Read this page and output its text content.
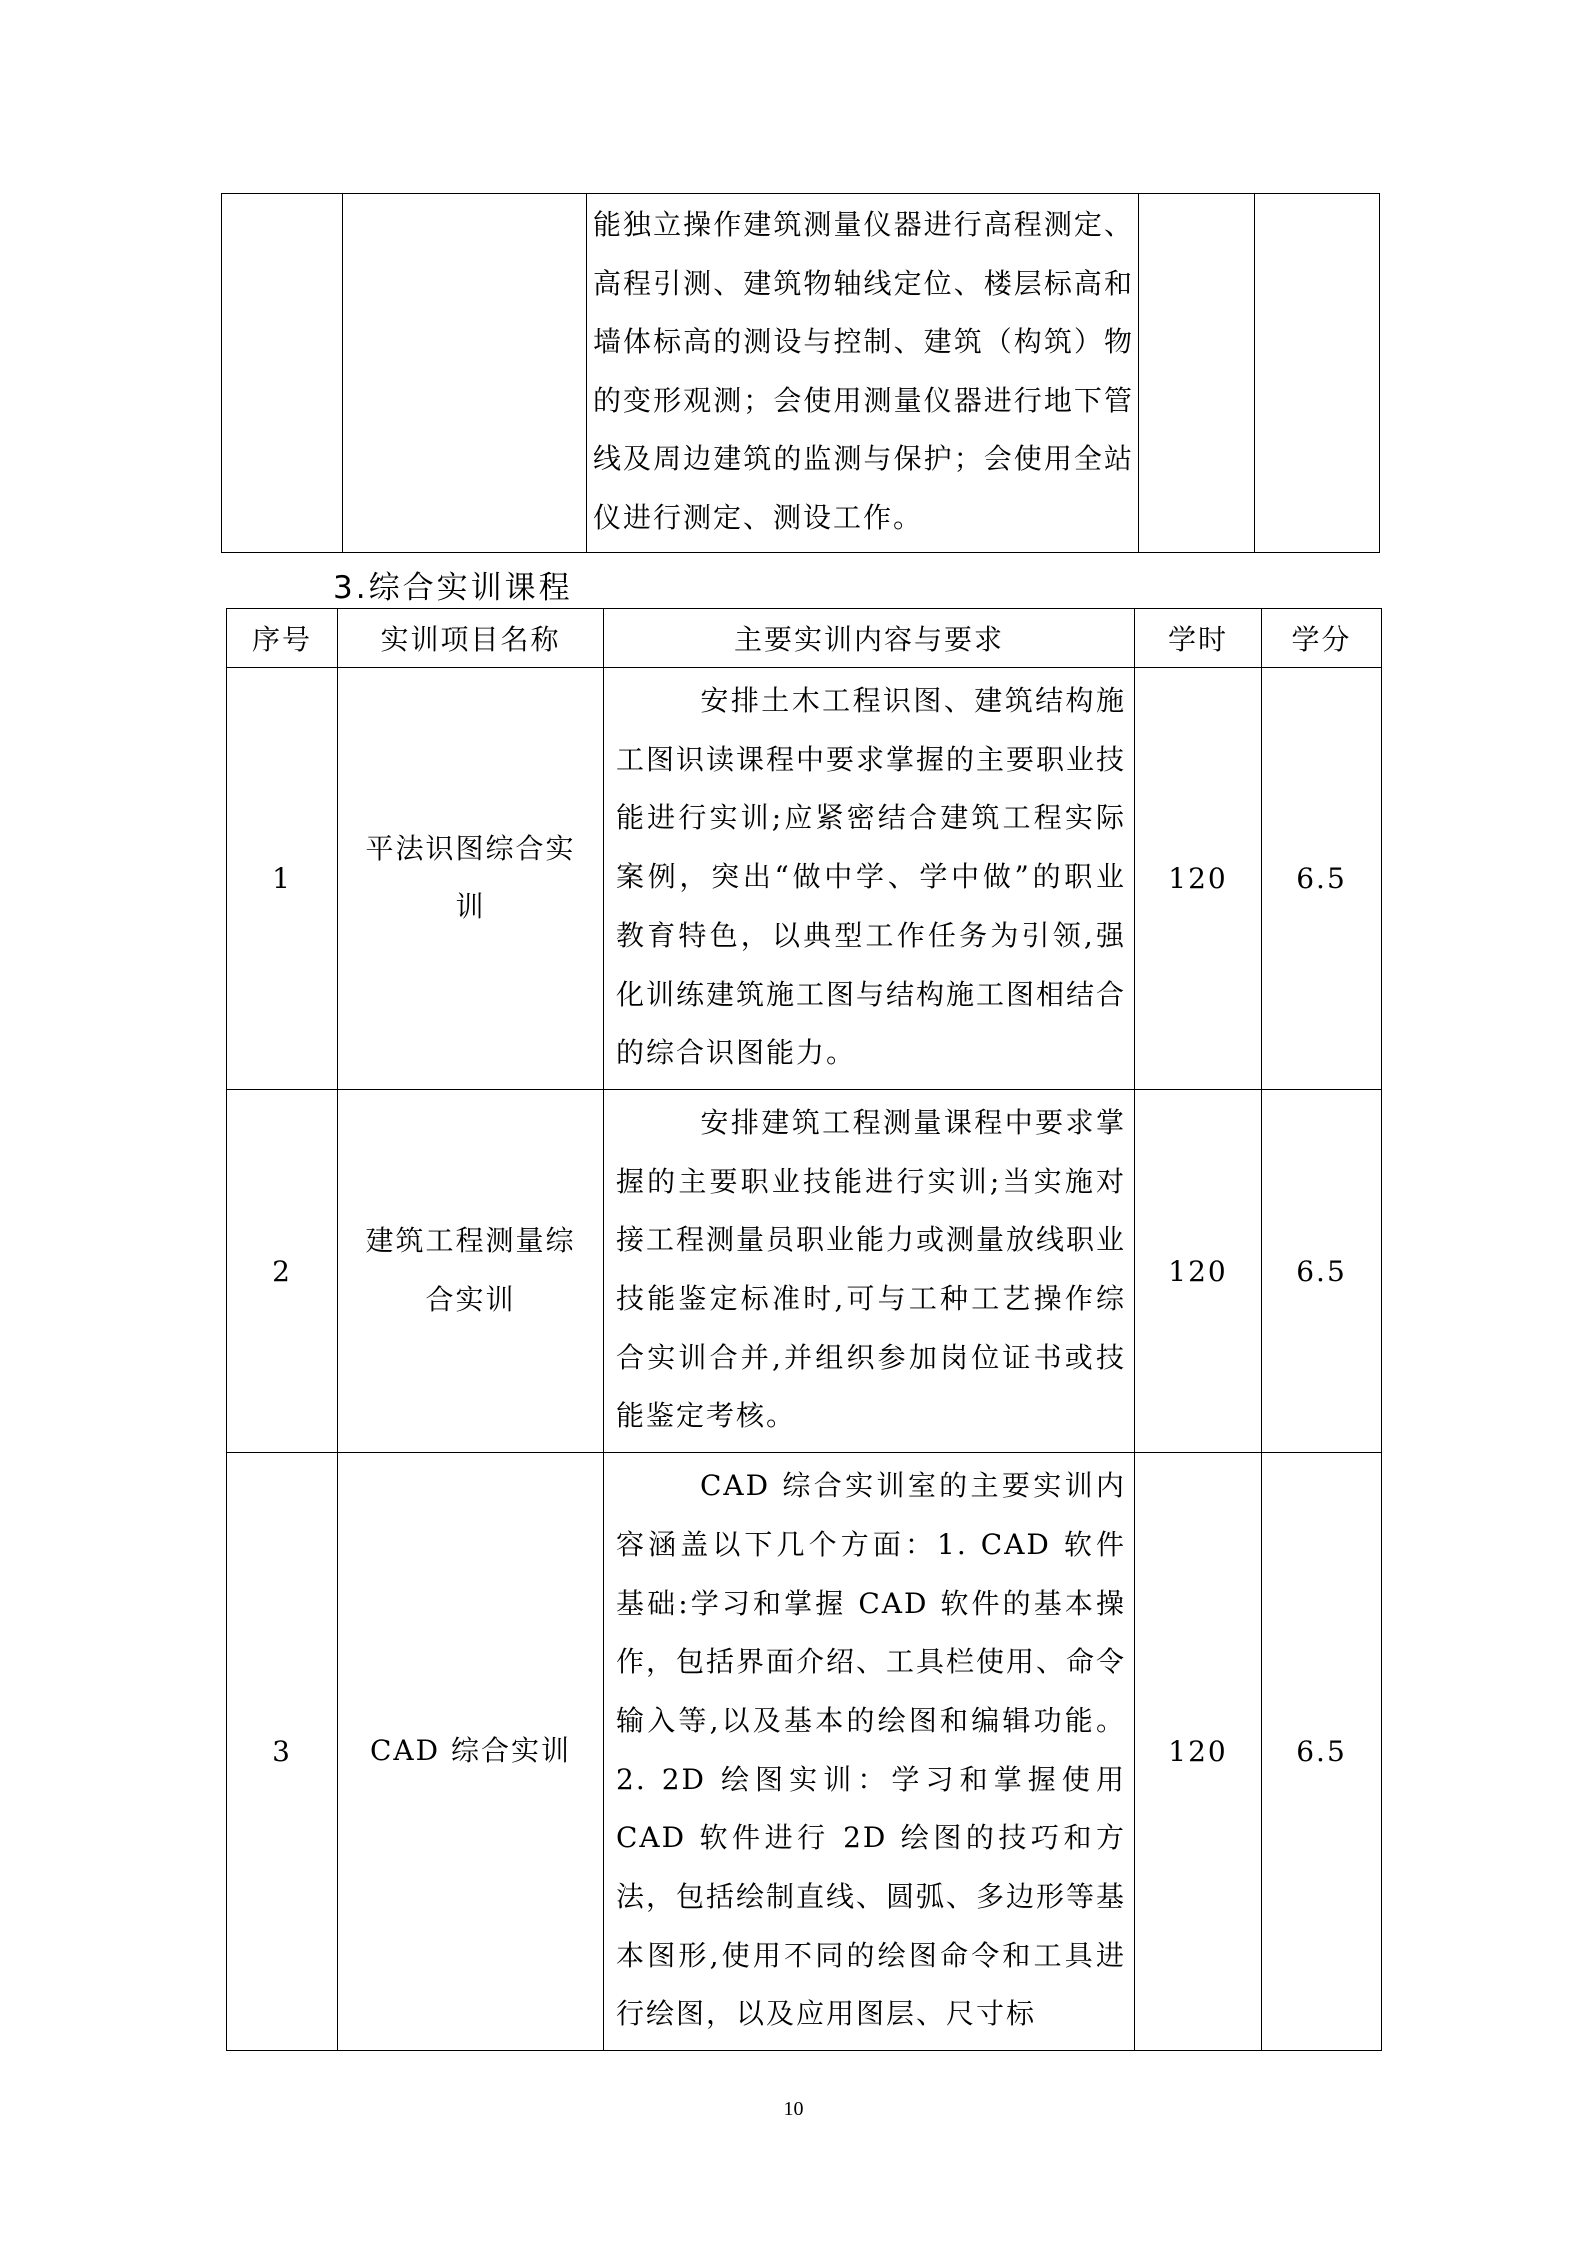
		能独立操作建筑测量仪器进行高程测定、高程引测、建筑物轴线定位、楼层标高和墙体标高的测设与控制、建筑（构筑）物的变形观测；会使用测量仪器进行地下管线及周边建筑的监测与保护；会使用全站仪进行测定、测设工作。		
3.综合实训课程
序号	实训项目名称	主要实训内容与要求	学时	学分
1	平法识图综合实训	安排土木工程识图、建筑结构施工图识读课程中要求掌握的主要职业技能进行实训;应紧密结合建筑工程实际案例，突出“做中学、学中做”的职业教育特色，以典型工作任务为引领,强化训练建筑施工图与结构施工图相结合的综合识图能力。	120	6.5
2	建筑工程测量综合实训	安排建筑工程测量课程中要求掌握的主要职业技能进行实训;当实施对接工程测量员职业能力或测量放线职业技能鉴定标准时,可与工种工艺操作综合实训合并,并组织参加岗位证书或技能鉴定考核。	120	6.5
3	CAD 综合实训	CAD 综合实训室的主要实训内容涵盖以下几个方面：1. CAD 软件基础:学习和掌握 CAD 软件的基本操作，包括界面介绍、工具栏使用、命令输入等,以及基本的绘图和编辑功能。2. 2D 绘图实训：学习和掌握使用 CAD 软件进行 2D 绘图的技巧和方法，包括绘制直线、圆弧、多边形等基本图形,使用不同的绘图命令和工具进行绘图，以及应用图层、尺寸标	120	6.5
10
